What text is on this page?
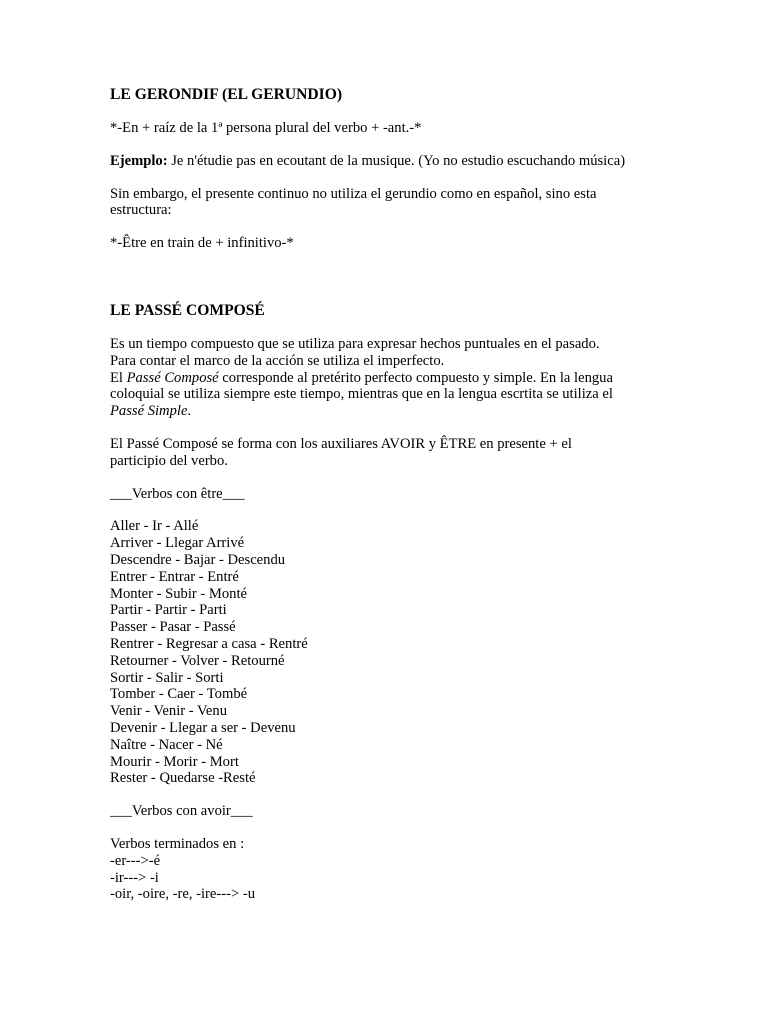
LE GERONDIF (EL GERUNDIO)

*-En + raíz de la 1ª persona plural del verbo + -ant.-*

Ejemplo: Je n'étudie pas en ecoutant de la musique. (Yo no estudio escuchando música)

Sin embargo, el presente continuo no utiliza el gerundio como en español, sino esta

estructura:

*-Être en train de + infinitivo-*

LE PASSÉ COMPOSÉ

Es un tiempo compuesto que se utiliza para expresar hechos puntuales en el pasado.

Para contar el marco de la acción se utiliza el imperfecto.

El Passé Composé corresponde al pretérito perfecto compuesto y simple. En la lengua

coloquial se utiliza siempre este tiempo, mientras que en la lengua escrtita se utiliza el

Passé Simple.

El Passé Composé se forma con los auxiliares AVOIR y ÊTRE en presente + el

participio del verbo.

___Verbos con être___

Aller - Ir - Allé

Arriver - Llegar Arrivé

Descendre - Bajar - Descendu

Entrer - Entrar - Entré

Monter - Subir - Monté

Partir - Partir - Parti

Passer - Pasar - Passé

Rentrer - Regresar a casa - Rentré

Retourner - Volver - Retourné

Sortir - Salir - Sorti

Tomber - Caer - Tombé

Venir - Venir - Venu

Devenir - Llegar a ser - Devenu

Naître - Nacer - Né

Mourir - Morir - Mort

Rester - Quedarse -Resté

___Verbos con avoir___

Verbos terminados en :

-er--->-é

-ir---> -i

-oir, -oire, -re, -ire---> -u
